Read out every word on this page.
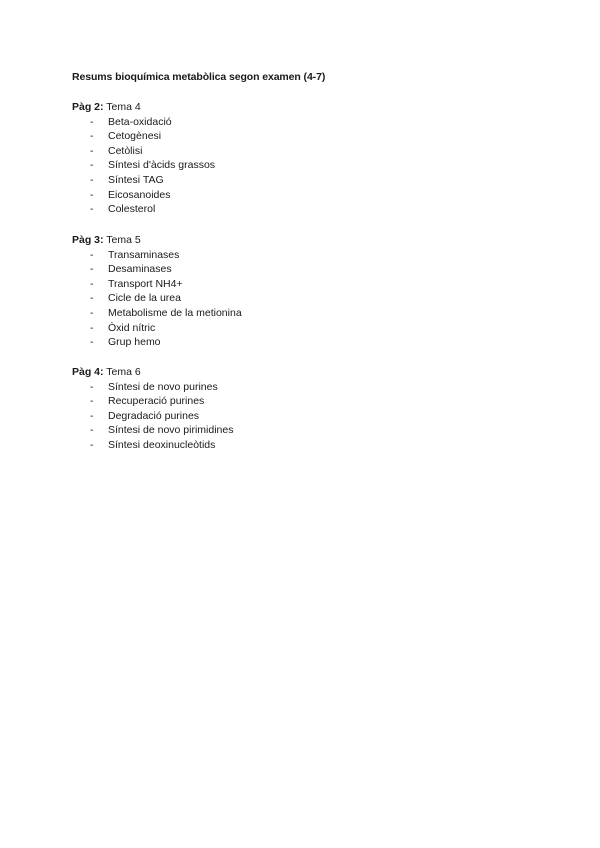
Resums bioquímica metabòlica segon examen (4-7)
Pàg 2: Tema 4
- Beta-oxidació
- Cetogènesi
- Cetòlisi
- Síntesi d'àcids grassos
- Síntesi TAG
- Eicosanoides
- Colesterol
Pàg 3: Tema 5
- Transaminases
- Desaminases
- Transport NH4+
- Cicle de la urea
- Metabolisme de la metionina
- Òxid nítric
- Grup hemo
Pàg 4: Tema 6
- Síntesi de novo purines
- Recuperació purines
- Degradació purines
- Síntesi de novo pirimidines
- Síntesi deoxinucleòtids
